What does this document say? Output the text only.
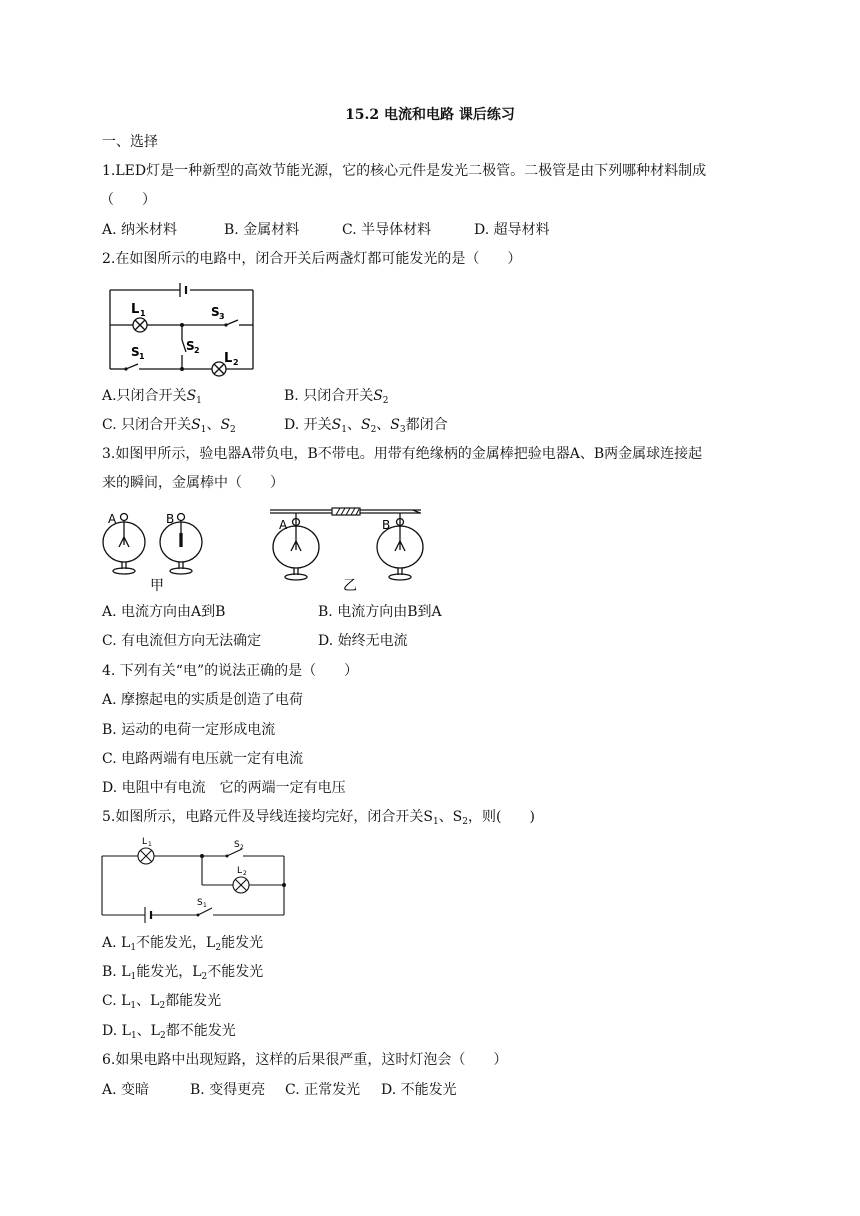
15.2 电流和电路 课后练习
一、选择
1.LED灯是一种新型的高效节能光源，它的核心元件是发光二极管。二极管是由下列哪种材料制成
（　　）
A. 纳米材料	B. 金属材料	C. 半导体材料	D. 超导材料
2.在如图所示的电路中，闭合开关后两盏灯都可能发光的是（　　）
L 1	S 3
S 1
S 2
L 2
A.只闭合开关$S_1$	B. 只闭合开关$S_2$
C. 只闭合开关$S_1$、$S_2$	D. 开关$S_1$、$S_2$、$S_3$都闭合
3.如图甲所示，验电器A带负电，B不带电。用带有绝缘柄的金属棒把验电器A、B两金属球连接起
来的瞬间，金属棒中（　　）
A	B	A	B
甲	乙
A. 电流方向由A到B	B. 电流方向由B到A
C. 有电流但方向无法确定	D. 始终无电流
4. 下列有关“电”的说法正确的是（　　）
A. 摩擦起电的实质是创造了电荷
B. 运动的电荷一定形成电流
C. 电路两端有电压就一定有电流
D. 电阻中有电流　它的两端一定有电压
5.如图所示，电路元件及导线连接均完好，闭合开关$S_1$、$S_2$，则(　　)
L 1	S 2
L 2
S 1
A. $L_1$不能发光，$L_2$能发光
B. $L_1$能发光，$L_2$不能发光
C. $L_1$、$L_2$都能发光
D. $L_1$、$L_2$都不能发光
6.如果电路中出现短路，这样的后果很严重，这时灯泡会（　　）
A. 变暗	B. 变得更亮 C. 正常发光 D. 不能发光
